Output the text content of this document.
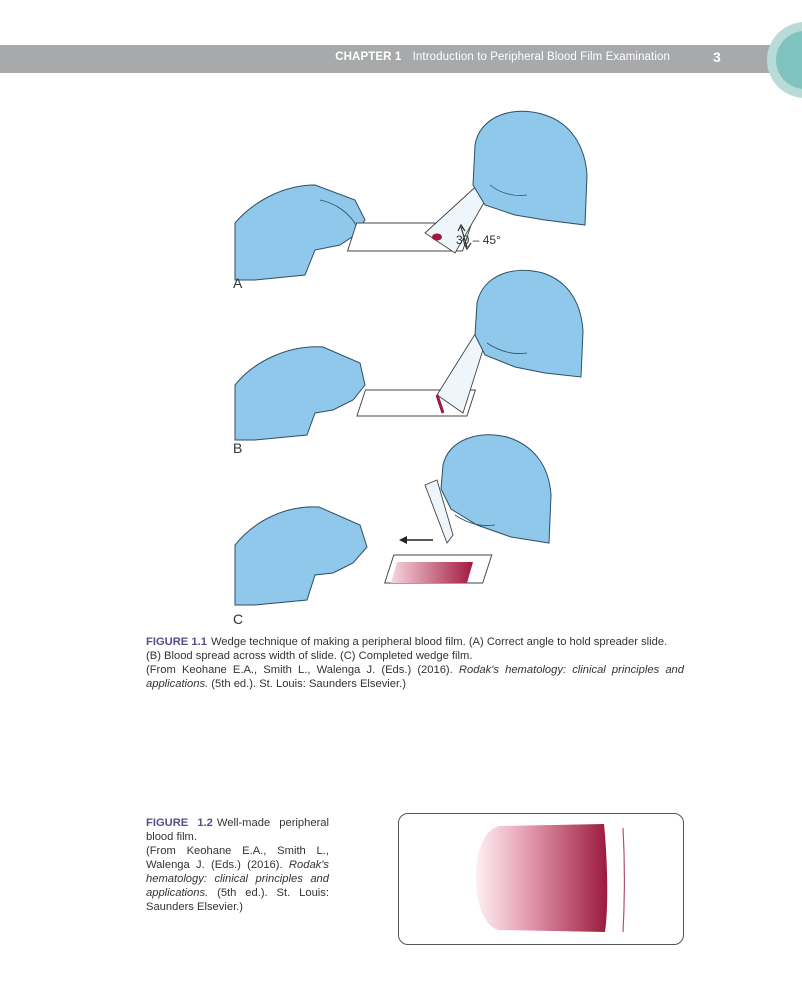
CHAPTER 1 Introduction to Peripheral Blood Film Examination	3
30 – 45°
A
B
C
FIGURE 1.1 Wedge technique of making a peripheral blood film. (A) Correct angle to hold spreader slide. (B) Blood spread across width of slide. (C) Completed wedge film.
(From Keohane E.A., Smith L., Walenga J. (Eds.) (2016). Rodak's hematology: clinical principles and applications. (5th ed.). St. Louis: Saunders Elsevier.)
FIGURE 1.2 Well-made peripheral blood film.
(From Keohane E.A., Smith L., Walenga J. (Eds.) (2016). Rodak's hematology: clinical principles and applications. (5th ed.). St. Louis: Saunders Elsevier.)
